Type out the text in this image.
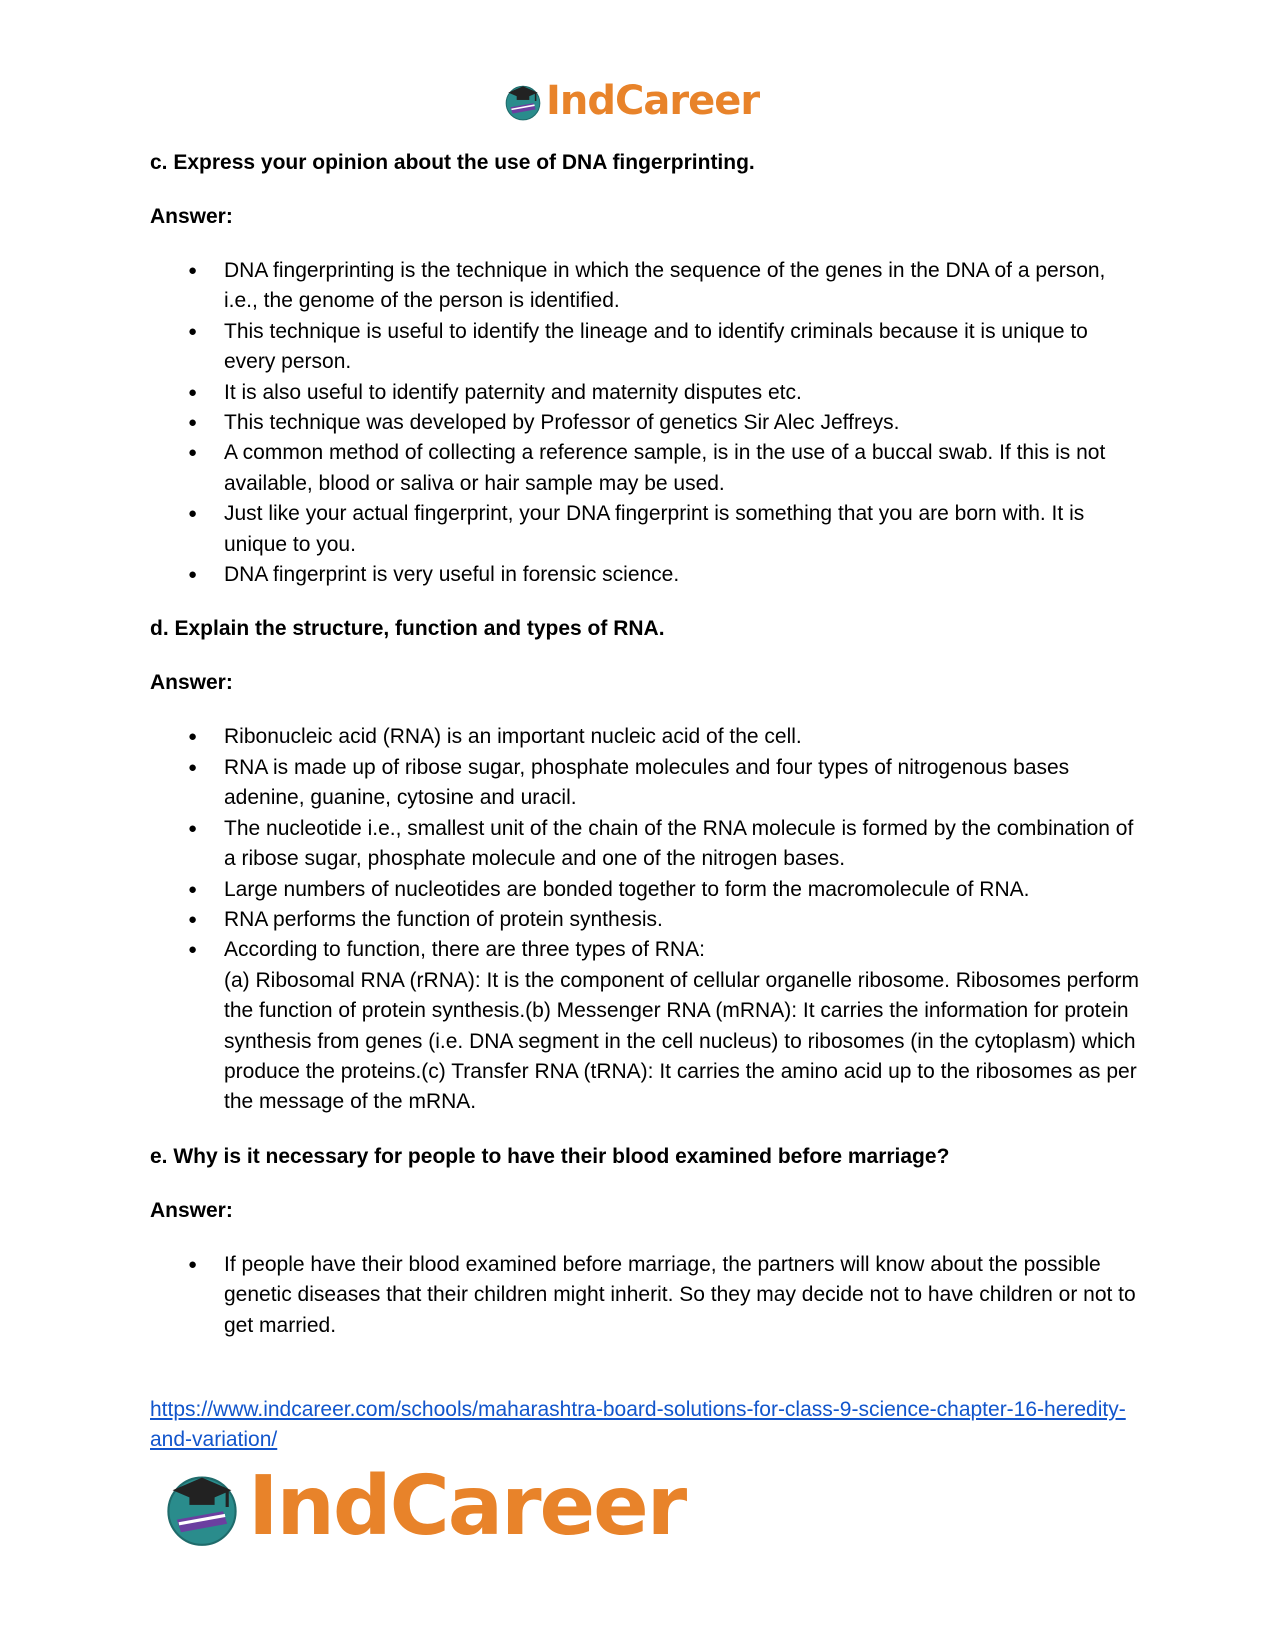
IndCareer
c. Express your opinion about the use of DNA fingerprinting.
Answer:
● DNA fingerprinting is the technique in which the sequence of the genes in the DNA of a person, i.e., the genome of the person is identified.
● This technique is useful to identify the lineage and to identify criminals because it is unique to every person.
● It is also useful to identify paternity and maternity disputes etc.
● This technique was developed by Professor of genetics Sir Alec Jeffreys.
● A common method of collecting a reference sample, is in the use of a buccal swab. If this is not available, blood or saliva or hair sample may be used.
● Just like your actual fingerprint, your DNA fingerprint is something that you are born with. It is unique to you.
● DNA fingerprint is very useful in forensic science.
d. Explain the structure, function and types of RNA.
Answer:
● Ribonucleic acid (RNA) is an important nucleic acid of the cell.
● RNA is made up of ribose sugar, phosphate molecules and four types of nitrogenous bases adenine, guanine, cytosine and uracil.
● The nucleotide i.e., smallest unit of the chain of the RNA molecule is formed by the combination of a ribose sugar, phosphate molecule and one of the nitrogen bases.
● Large numbers of nucleotides are bonded together to form the macromolecule of RNA.
● RNA performs the function of protein synthesis.
● According to function, there are three types of RNA:
(a) Ribosomal RNA (rRNA): It is the component of cellular organelle ribosome. Ribosomes perform the function of protein synthesis.(b) Messenger RNA (mRNA): It carries the information for protein synthesis from genes (i.e. DNA segment in the cell nucleus) to ribosomes (in the cytoplasm) which produce the proteins.(c) Transfer RNA (tRNA): It carries the amino acid up to the ribosomes as per the message of the mRNA.
e. Why is it necessary for people to have their blood examined before marriage?
Answer:
● If people have their blood examined before marriage, the partners will know about the possible genetic diseases that their children might inherit. So they may decide not to have children or not to get married.
https://www.indcareer.com/schools/maharashtra-board-solutions-for-class-9-science-chapter-16-heredity-and-variation/
IndCareer
